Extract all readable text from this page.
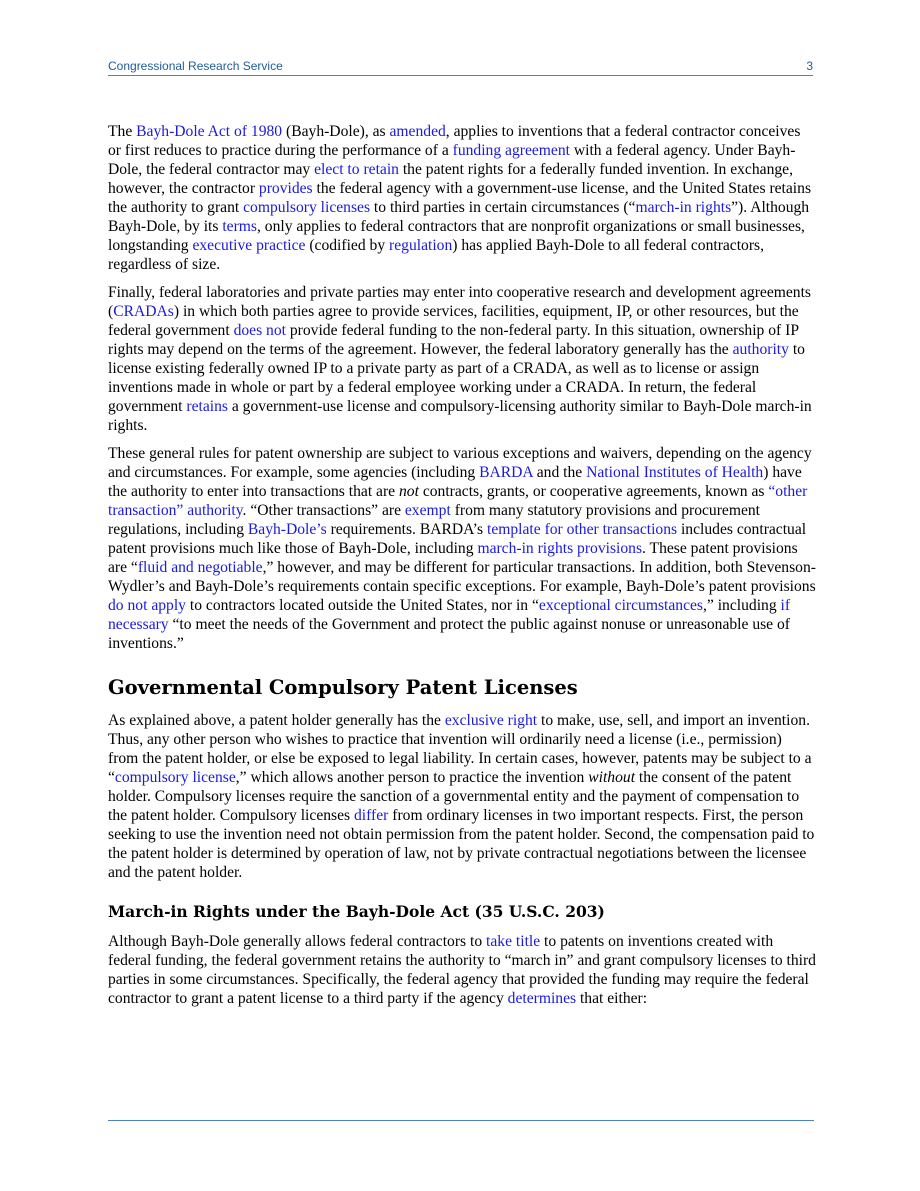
Congressional Research Service	3

The Bayh-Dole Act of 1980 (Bayh-Dole), as amended, applies to inventions that a federal contractor conceives or first reduces to practice during the performance of a funding agreement with a federal agency. Under Bayh-Dole, the federal contractor may elect to retain the patent rights for a federally funded invention. In exchange, however, the contractor provides the federal agency with a government-use license, and the United States retains the authority to grant compulsory licenses to third parties in certain circumstances (“march-in rights”). Although Bayh-Dole, by its terms, only applies to federal contractors that are nonprofit organizations or small businesses, longstanding executive practice (codified by regulation) has applied Bayh-Dole to all federal contractors, regardless of size.

Finally, federal laboratories and private parties may enter into cooperative research and development agreements (CRADAs) in which both parties agree to provide services, facilities, equipment, IP, or other resources, but the federal government does not provide federal funding to the non-federal party. In this situation, ownership of IP rights may depend on the terms of the agreement. However, the federal laboratory generally has the authority to license existing federally owned IP to a private party as part of a CRADA, as well as to license or assign inventions made in whole or part by a federal employee working under a CRADA. In return, the federal government retains a government-use license and compulsory-licensing authority similar to Bayh-Dole march-in rights.

These general rules for patent ownership are subject to various exceptions and waivers, depending on the agency and circumstances. For example, some agencies (including BARDA and the National Institutes of Health) have the authority to enter into transactions that are not contracts, grants, or cooperative agreements, known as “other transaction” authority. “Other transactions” are exempt from many statutory provisions and procurement regulations, including Bayh-Dole’s requirements. BARDA’s template for other transactions includes contractual patent provisions much like those of Bayh-Dole, including march-in rights provisions. These patent provisions are “fluid and negotiable,” however, and may be different for particular transactions. In addition, both Stevenson-Wydler’s and Bayh-Dole’s requirements contain specific exceptions. For example, Bayh-Dole’s patent provisions do not apply to contractors located outside the United States, nor in “exceptional circumstances,” including if necessary “to meet the needs of the Government and protect the public against nonuse or unreasonable use of inventions.”

Governmental Compulsory Patent Licenses

As explained above, a patent holder generally has the exclusive right to make, use, sell, and import an invention. Thus, any other person who wishes to practice that invention will ordinarily need a license (i.e., permission) from the patent holder, or else be exposed to legal liability. In certain cases, however, patents may be subject to a “compulsory license,” which allows another person to practice the invention without the consent of the patent holder. Compulsory licenses require the sanction of a governmental entity and the payment of compensation to the patent holder. Compulsory licenses differ from ordinary licenses in two important respects. First, the person seeking to use the invention need not obtain permission from the patent holder. Second, the compensation paid to the patent holder is determined by operation of law, not by private contractual negotiations between the licensee and the patent holder.

March-in Rights under the Bayh-Dole Act (35 U.S.C. 203)

Although Bayh-Dole generally allows federal contractors to take title to patents on inventions created with federal funding, the federal government retains the authority to “march in” and grant compulsory licenses to third parties in some circumstances. Specifically, the federal agency that provided the funding may require the federal contractor to grant a patent license to a third party if the agency determines that either:
